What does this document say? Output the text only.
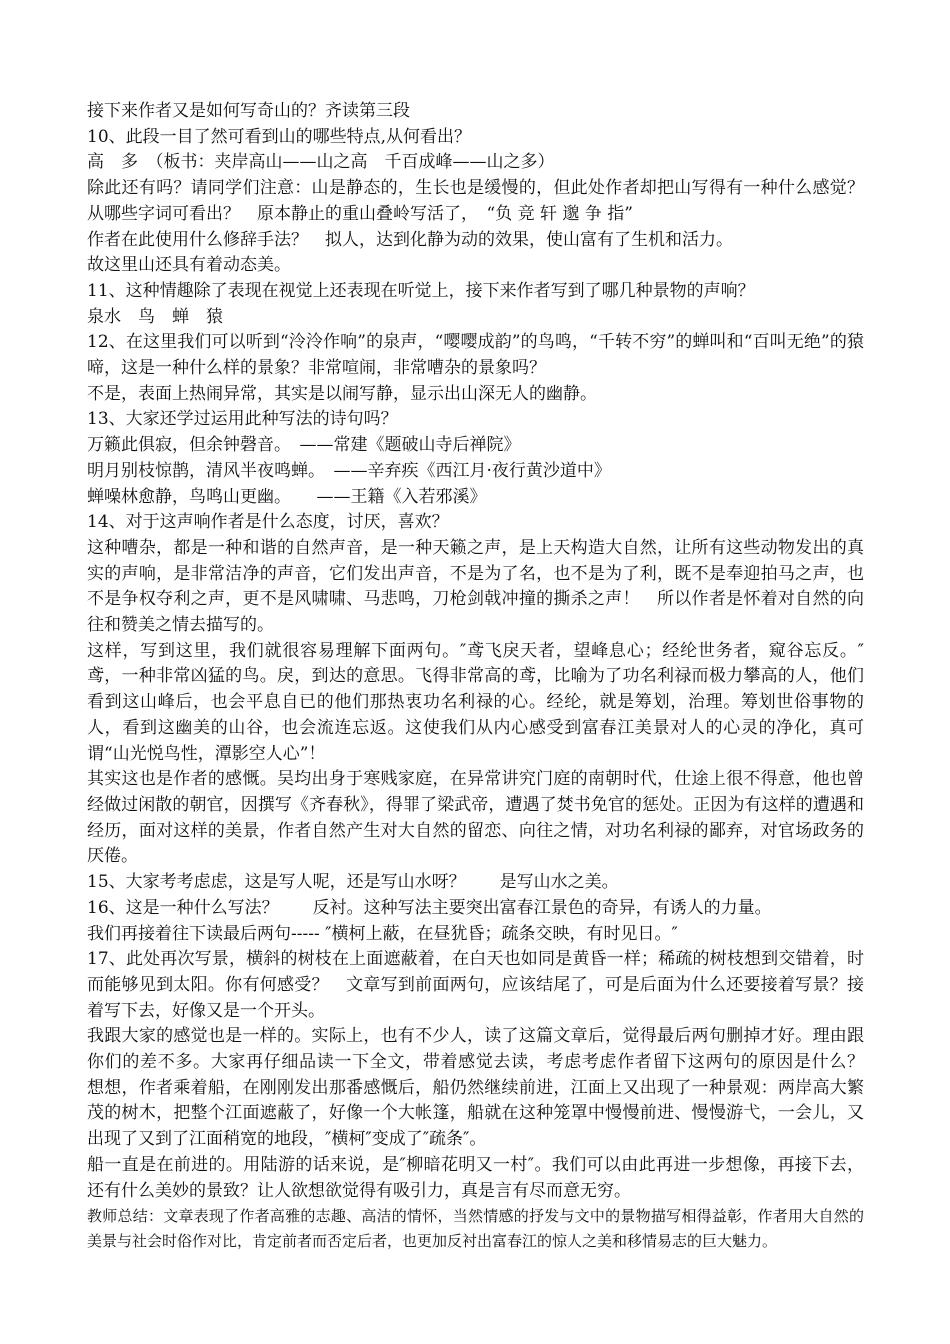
接下来作者又是如何写奇山的？齐读第三段

10、此段一目了然可看到山的哪些特点,从何看出？

高　多　（板书：夹岸高山——山之高　千百成峰——山之多）

除此还有吗？请同学们注意：山是静态的，生长也是缓慢的，但此处作者却把山写得有一种什么感觉？从哪些字词可看出？　原本静止的重山叠岭写活了，　“负 竞 轩 邈 争 指”

作者在此使用什么修辞手法？　拟人，达到化静为动的效果，使山富有了生机和活力。

故这里山还具有着动态美。

11、这种情趣除了表现在视觉上还表现在听觉上，接下来作者写到了哪几种景物的声响？

泉水　鸟　蝉　猿

12、在这里我们可以听到“泠泠作响”的泉声，“嘤嘤成韵”的鸟鸣，“千转不穷”的蝉叫和“百叫无绝”的猿啼，这是一种什么样的景象？非常喧闹，非常嘈杂的景象吗？

不是，表面上热闹异常，其实是以闹写静，显示出山深无人的幽静。

13、大家还学过运用此种写法的诗句吗？

万籁此俱寂，但余钟磬音。　——常建《题破山寺后禅院》

明月别枝惊鹊，清风半夜鸣蝉。　——辛弃疾《西江月·夜行黄沙道中》

蝉噪林愈静，鸟鸣山更幽。　　——王籍《入若邪溪》

14、对于这声响作者是什么态度，讨厌，喜欢？

这种嘈杂，都是一种和谐的自然声音，是一种天籁之声，是上天构造大自然，让所有这些动物发出的真实的声响，是非常洁净的声音，它们发出声音，不是为了名，也不是为了利，既不是奉迎拍马之声，也不是争权夺利之声，更不是风啸啸、马悲鸣，刀枪剑戟冲撞的撕杀之声！　所以作者是怀着对自然的向往和赞美之情去描写的。

这样，写到这里，我们就很容易理解下面两句。″鸢飞戾天者，望峰息心；经纶世务者，窥谷忘反。″鸢，一种非常凶猛的鸟。戾，到达的意思。飞得非常高的鸢，比喻为了功名利禄而极力攀高的人，他们看到这山峰后，也会平息自已的他们那热衷功名利禄的心。经纶，就是筹划，治理。筹划世俗事物的人，看到这幽美的山谷，也会流连忘返。这使我们从内心感受到富春江美景对人的心灵的净化，真可谓“山光悦鸟性，潭影空人心”！

其实这也是作者的感慨。吴均出身于寒贱家庭，在异常讲究门庭的南朝时代，仕途上很不得意，他也曾经做过闲散的朝官，因撰写《齐春秋》，得罪了梁武帝，遭遇了焚书免官的惩处。正因为有这样的遭遇和经历，面对这样的美景，作者自然产生对大自然的留恋、向往之情，对功名利禄的鄙弃，对官场政务的厌倦。

15、大家考考虑虑，这是写人呢，还是写山水呀？　　是写山水之美。

16、这是一种什么写法？　　反衬。这种写法主要突出富春江景色的奇异，有诱人的力量。

我们再接着往下读最后两句----- ″横柯上蔽，在昼犹昏；疏条交映，有时见日。″

17、此处再次写景，横斜的树枝在上面遮蔽着，在白天也如同是黄昏一样；稀疏的树枝想到交错着，时而能够见到太阳。你有何感受？　文章写到前面两句，应该结尾了，可是后面为什么还要接着写景？接着写下去，好像又是一个开头。

我跟大家的感觉也是一样的。实际上，也有不少人，读了这篇文章后，觉得最后两句删掉才好。理由跟你们的差不多。大家再仔细品读一下全文，带着感觉去读，考虑考虑作者留下这两句的原因是什么？　想想，作者乘着船，在刚刚发出那番感慨后，船仍然继续前进，江面上又出现了一种景观：两岸高大繁茂的树木，把整个江面遮蔽了，好像一个大帐篷，船就在这种笼罩中慢慢前进、慢慢游弋，一会儿，又出现了又到了江面稍宽的地段，″横柯″变成了″疏条″。

船一直是在前进的。用陆游的话来说，是″柳暗花明又一村″。我们可以由此再进一步想像，再接下去，还有什么美妙的景致？让人欲想欲觉得有吸引力，真是言有尽而意无穷。

教师总结：文章表现了作者高雅的志趣、高洁的情怀，当然情感的抒发与文中的景物描写相得益彰，作者用大自然的美景与社会时俗作对比，肯定前者而否定后者，也更加反衬出富春江的惊人之美和移情易志的巨大魅力。
